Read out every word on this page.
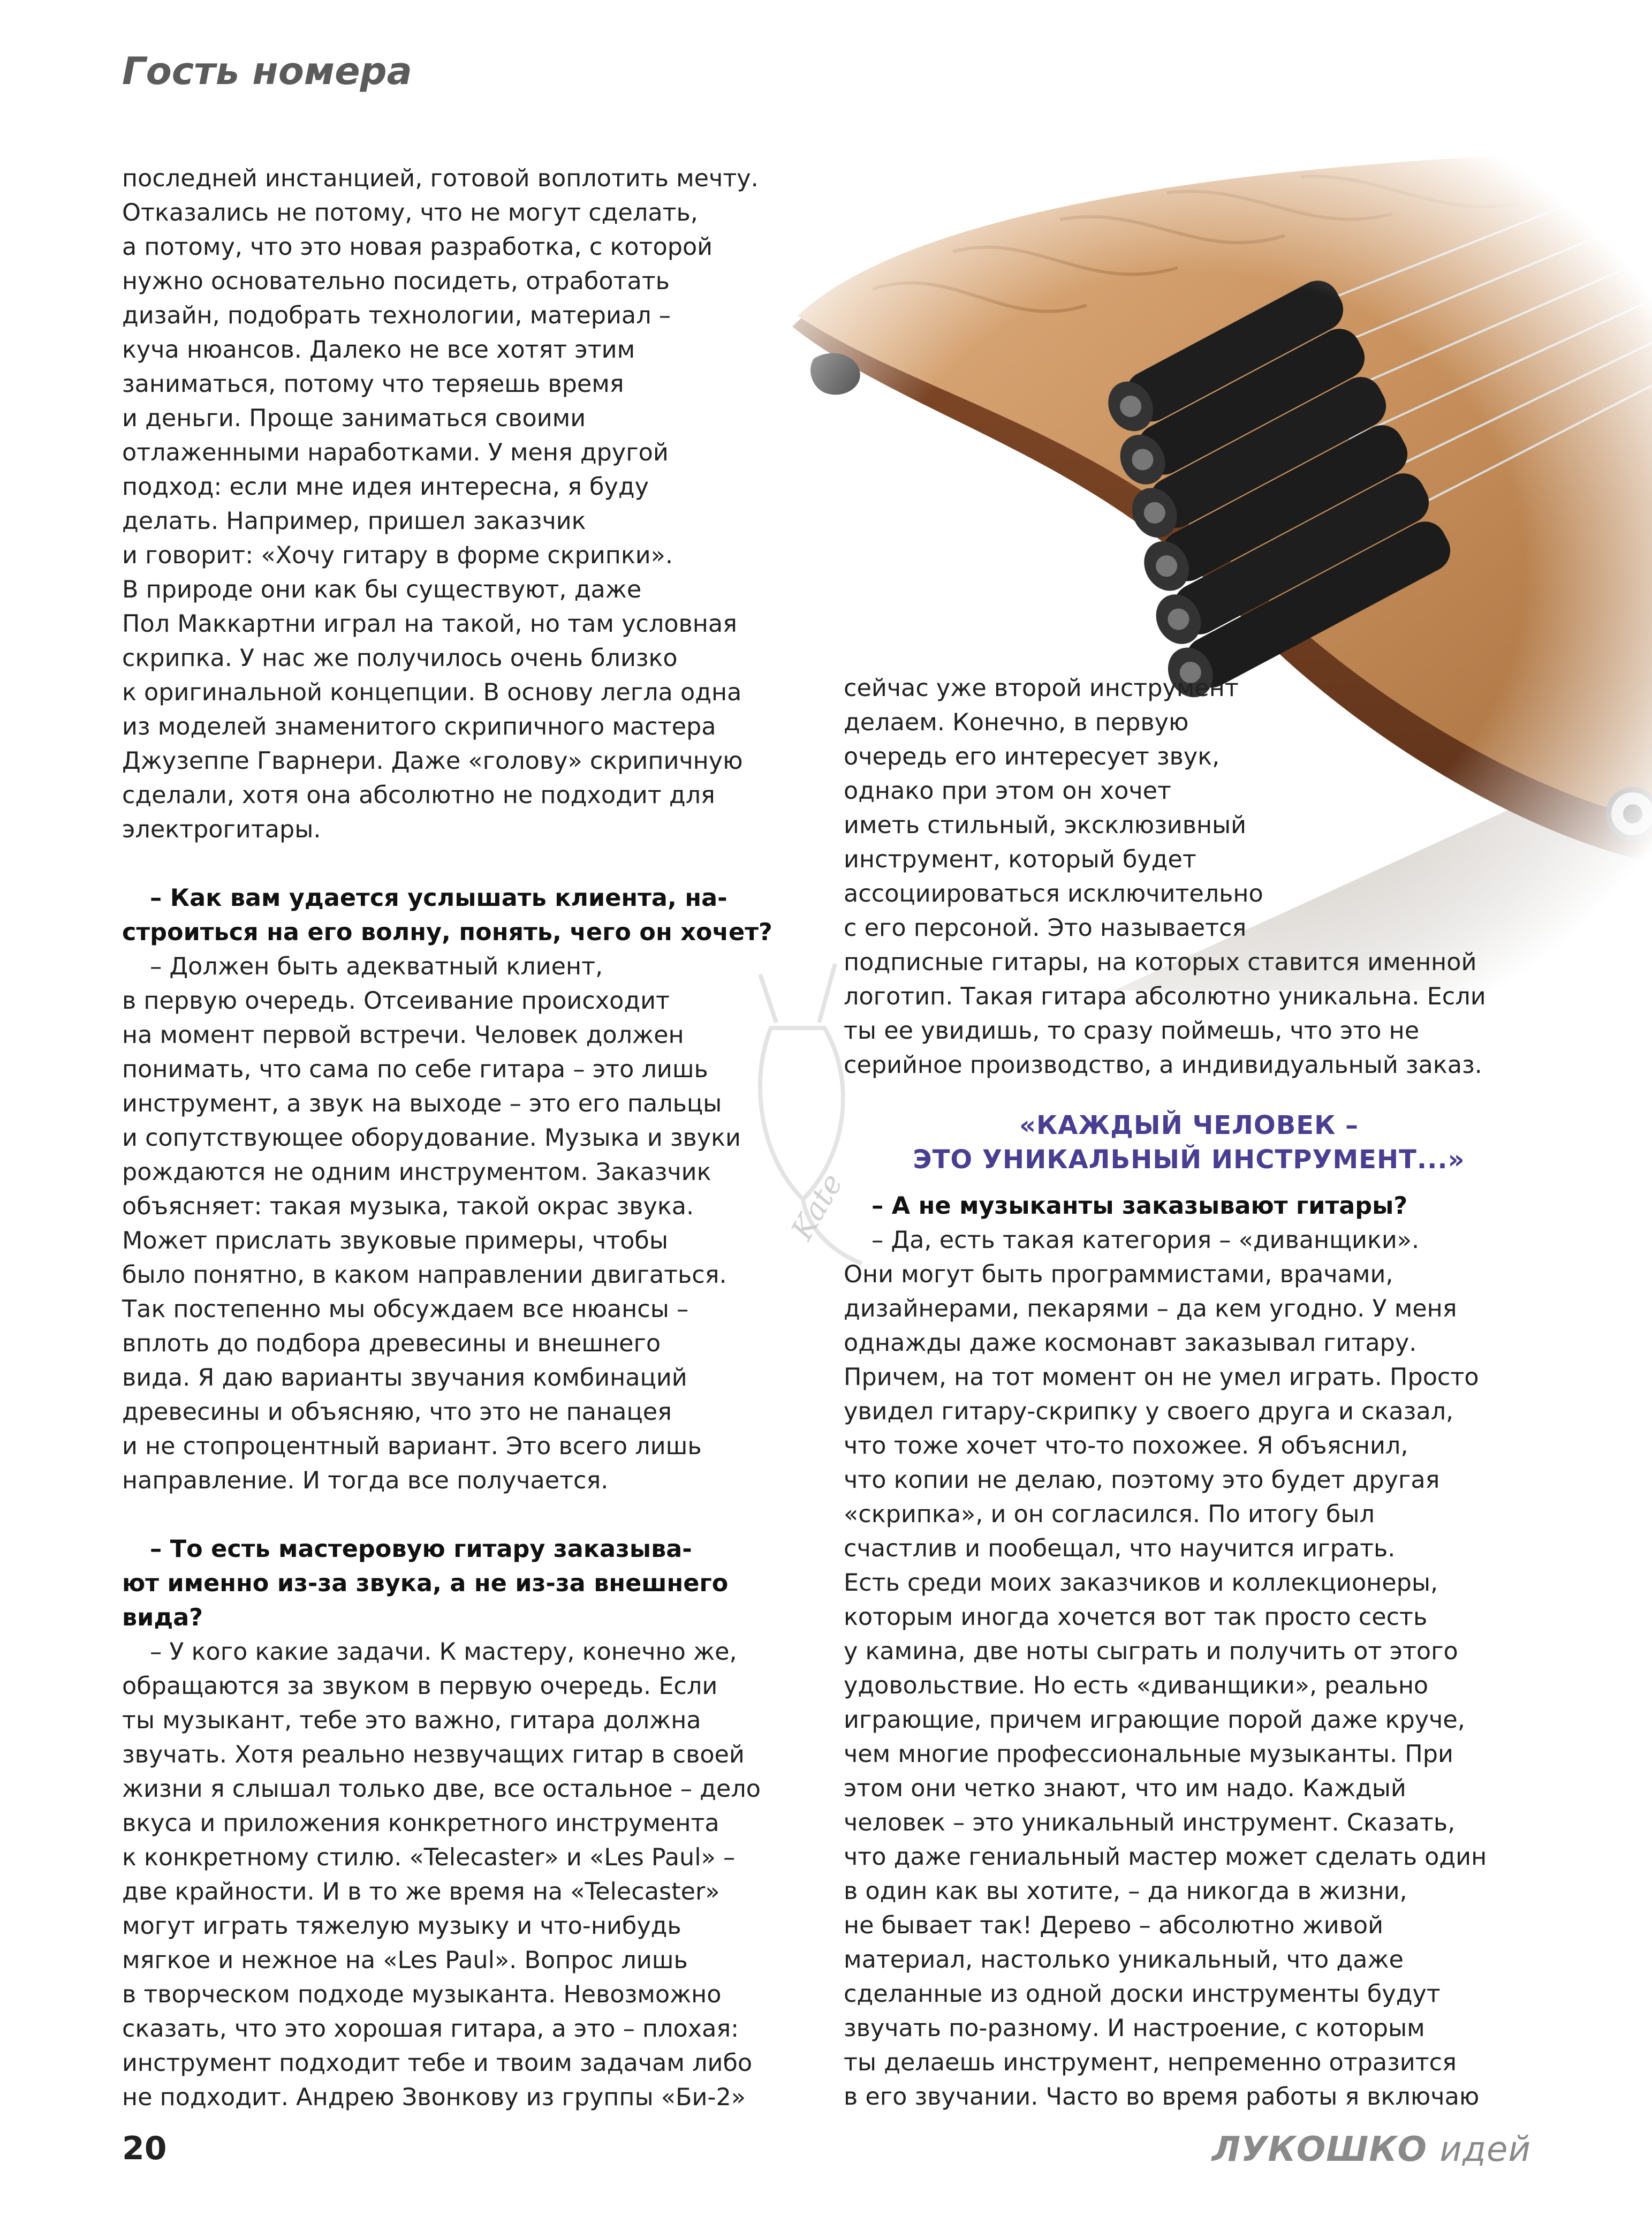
Гость номера
Kate

последней инстанцией, готовой воплотить мечту.

Отказались не потому, что не могут сделать,

а потому, что это новая разработка, с которой

нужно основательно посидеть, отработать

дизайн, подобрать технологии, материал –

куча нюансов. Далеко не все хотят этим

заниматься, потому что теряешь время

и деньги. Проще заниматься своими

отлаженными наработками. У меня другой

подход: если мне идея интересна, я буду

делать. Например, пришел заказчик

и говорит: «Хочу гитару в форме скрипки».

В природе они как бы существуют, даже

Пол Маккартни играл на такой, но там условная

скрипка. У нас же получилось очень близко

к оригинальной концепции. В основу легла одна

из моделей знаменитого скрипичного мастера

Джузеппе Гварнери. Даже «голову» скрипичную

сделали, хотя она абсолютно не подходит для

электрогитары.

– Как вам удается услышать клиента, на-

строиться на его волну, понять, чего он хочет?

– Должен быть адекватный клиент,

в первую очередь. Отсеивание происходит

на момент первой встречи. Человек должен

понимать, что сама по себе гитара – это лишь

инструмент, а звук на выходе – это его пальцы

и сопутствующее оборудование. Музыка и звуки

рождаются не одним инструментом. Заказчик

объясняет: такая музыка, такой окрас звука.

Может прислать звуковые примеры, чтобы

было понятно, в каком направлении двигаться.

Так постепенно мы обсуждаем все нюансы –

вплоть до подбора древесины и внешнего

вида. Я даю варианты звучания комбинаций

древесины и объясняю, что это не панацея

и не стопроцентный вариант. Это всего лишь

направление. И тогда все получается.

– То есть мастеровую гитару заказыва-

ют именно из-за звука, а не из-за внешнего

вида?

– У кого какие задачи. К мастеру, конечно же,

обращаются за звуком в первую очередь. Если

ты музыкант, тебе это важно, гитара должна

звучать. Хотя реально незвучащих гитар в своей

жизни я слышал только две, все остальное – дело

вкуса и приложения конкретного инструмента

к конкретному стилю. «Telecaster» и «Les Paul» –

две крайности. И в то же время на «Telecaster»

могут играть тяжелую музыку и что-нибудь

мягкое и нежное на «Les Paul». Вопрос лишь

в творческом подходе музыканта. Невозможно

сказать, что это хорошая гитара, а это – плохая:

инструмент подходит тебе и твоим задачам либо

не подходит. Андрею Звонкову из группы «Би-2»

сейчас уже второй инструмент

делаем. Конечно, в первую

очередь его интересует звук,

однако при этом он хочет

иметь стильный, эксклюзивный

инструмент, который будет

ассоциироваться исключительно

с его персоной. Это называется

подписные гитары, на которых ставится именной

логотип. Такая гитара абсолютно уникальна. Если

ты ее увидишь, то сразу поймешь, что это не

серийное производство, а индивидуальный заказ.

«КАЖДЫЙ ЧЕЛОВЕК –

ЭТО УНИКАЛЬНЫЙ ИНСТРУМЕНТ...»

– А не музыканты заказывают гитары?

– Да, есть такая категория – «диванщики».

Они могут быть программистами, врачами,

дизайнерами, пекарями – да кем угодно. У меня

однажды даже космонавт заказывал гитару.

Причем, на тот момент он не умел играть. Просто

увидел гитару-скрипку у своего друга и сказал,

что тоже хочет что-то похожее. Я объяснил,

что копии не делаю, поэтому это будет другая

«скрипка», и он согласился. По итогу был

счастлив и пообещал, что научится играть.

Есть среди моих заказчиков и коллекционеры,

которым иногда хочется вот так просто сесть

у камина, две ноты сыграть и получить от этого

удовольствие. Но есть «диванщики», реально

играющие, причем играющие порой даже круче,

чем многие профессиональные музыканты. При

этом они четко знают, что им надо. Каждый

человек – это уникальный инструмент. Сказать,

что даже гениальный мастер может сделать один

в один как вы хотите, – да никогда в жизни,

не бывает так! Дерево – абсолютно живой

материал, настолько уникальный, что даже

сделанные из одной доски инструменты будут

звучать по-разному. И настроение, с которым

ты делаешь инструмент, непременно отразится

в его звучании. Часто во время работы я включаю

20	ЛУКОШКО идей
